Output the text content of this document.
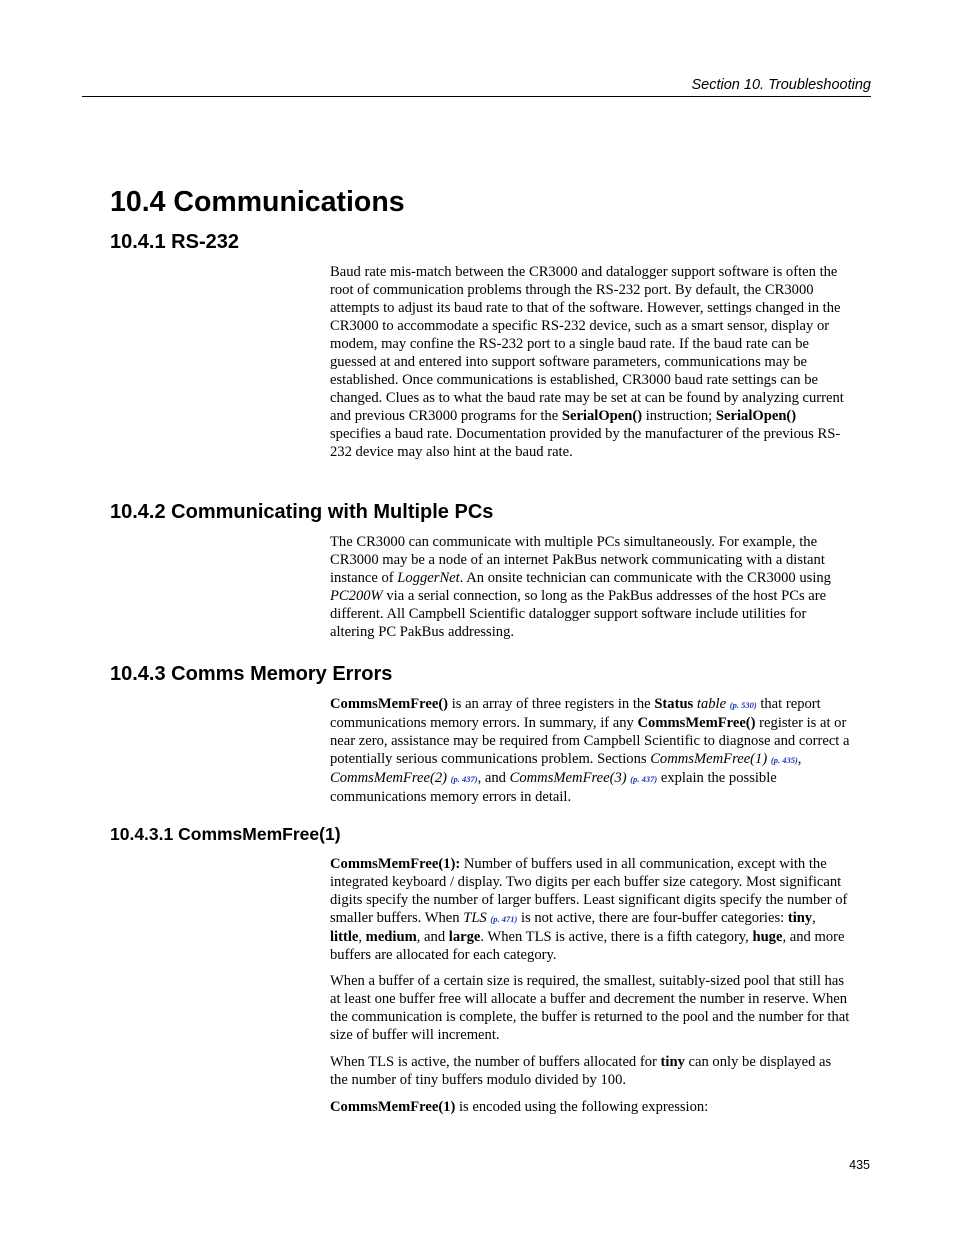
Section 10. Troubleshooting
10.4 Communications
10.4.1 RS-232

Baud rate mis-match between the CR3000 and datalogger support software is often the root of communication problems through the RS-232 port. By default, the CR3000 attempts to adjust its baud rate to that of the software. However, settings changed in the CR3000 to accommodate a specific RS-232 device, such as a smart sensor, display or modem, may confine the RS-232 port to a single baud rate. If the baud rate can be guessed at and entered into support software parameters, communications may be established. Once communications is established, CR3000 baud rate settings can be changed. Clues as to what the baud rate may be set at can be found by analyzing current and previous CR3000 programs for the SerialOpen() instruction; SerialOpen() specifies a baud rate. Documentation provided by the manufacturer of the previous RS-232 device may also hint at the baud rate.

10.4.2 Communicating with Multiple PCs

The CR3000 can communicate with multiple PCs simultaneously. For example, the CR3000 may be a node of an internet PakBus network communicating with a distant instance of LoggerNet. An onsite technician can communicate with the CR3000 using PC200W via a serial connection, so long as the PakBus addresses of the host PCs are different. All Campbell Scientific datalogger support software include utilities for altering PC PakBus addressing.

10.4.3 Comms Memory Errors

CommsMemFree() is an array of three registers in the Status table (p. 530) that report communications memory errors. In summary, if any CommsMemFree() register is at or near zero, assistance may be required from Campbell Scientific to diagnose and correct a potentially serious communications problem. Sections CommsMemFree(1) (p. 435), CommsMemFree(2) (p. 437), and CommsMemFree(3) (p. 437) explain the possible communications memory errors in detail.

10.4.3.1 CommsMemFree(1)

CommsMemFree(1): Number of buffers used in all communication, except with the integrated keyboard / display. Two digits per each buffer size category. Most significant digits specify the number of larger buffers. Least significant digits specify the number of smaller buffers. When TLS (p. 471) is not active, there are four-buffer categories: tiny, little, medium, and large. When TLS is active, there is a fifth category, huge, and more buffers are allocated for each category.

When a buffer of a certain size is required, the smallest, suitably-sized pool that still has at least one buffer free will allocate a buffer and decrement the number in reserve. When the communication is complete, the buffer is returned to the pool and the number for that size of buffer will increment.

When TLS is active, the number of buffers allocated for tiny can only be displayed as the number of tiny buffers modulo divided by 100.

CommsMemFree(1) is encoded using the following expression:

435
